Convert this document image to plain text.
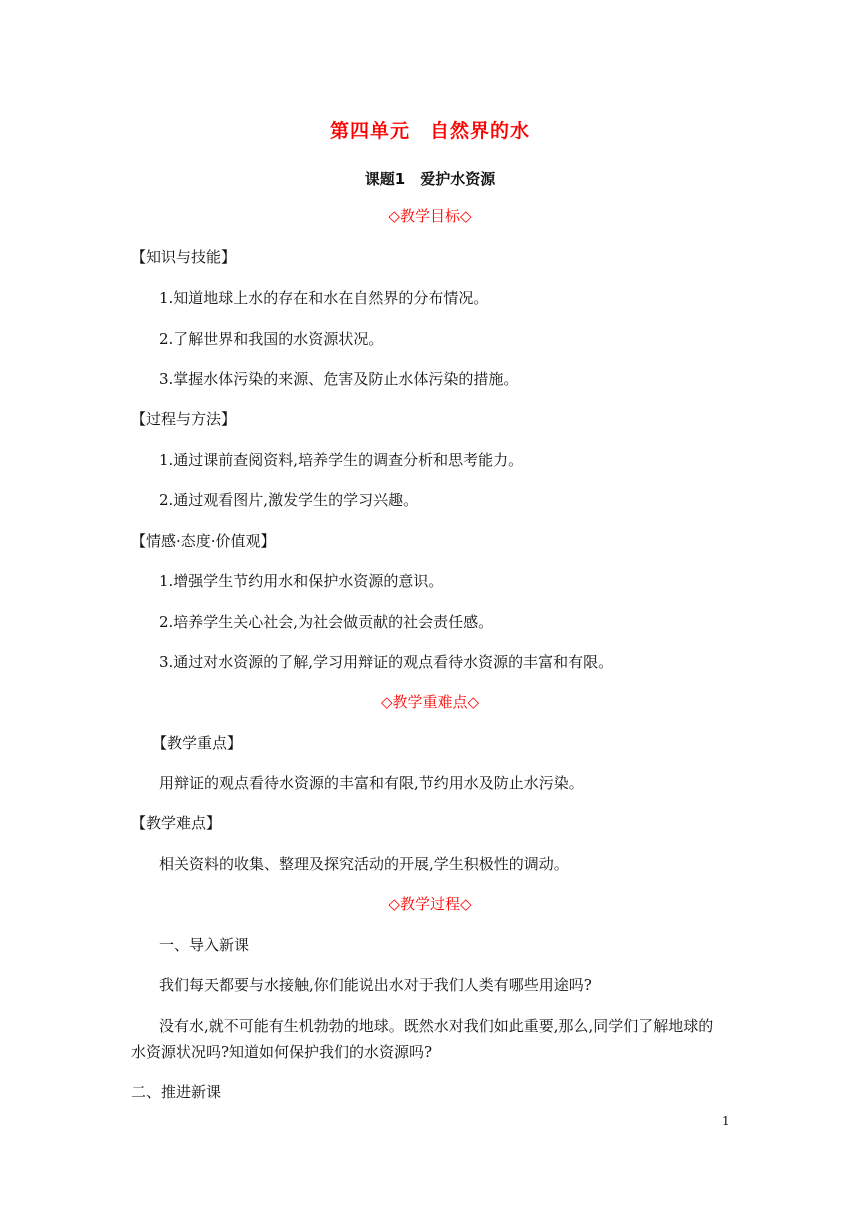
第四单元　自然界的水
课题1　爱护水资源
◇教学目标◇
【知识与技能】
1.知道地球上水的存在和水在自然界的分布情况。
2.了解世界和我国的水资源状况。
3.掌握水体污染的来源、危害及防止水体污染的措施。
【过程与方法】
1.通过课前查阅资料,培养学生的调查分析和思考能力。
2.通过观看图片,激发学生的学习兴趣。
【情感·态度·价值观】
1.增强学生节约用水和保护水资源的意识。
2.培养学生关心社会,为社会做贡献的社会责任感。
3.通过对水资源的了解,学习用辩证的观点看待水资源的丰富和有限。
◇教学重难点◇
【教学重点】
用辩证的观点看待水资源的丰富和有限,节约用水及防止水污染。
【教学难点】
相关资料的收集、整理及探究活动的开展,学生积极性的调动。
◇教学过程◇
一、导入新课
我们每天都要与水接触,你们能说出水对于我们人类有哪些用途吗?
没有水,就不可能有生机勃勃的地球。既然水对我们如此重要,那么,同学们了解地球的
水资源状况吗?知道如何保护我们的水资源吗?
二、推进新课
1
